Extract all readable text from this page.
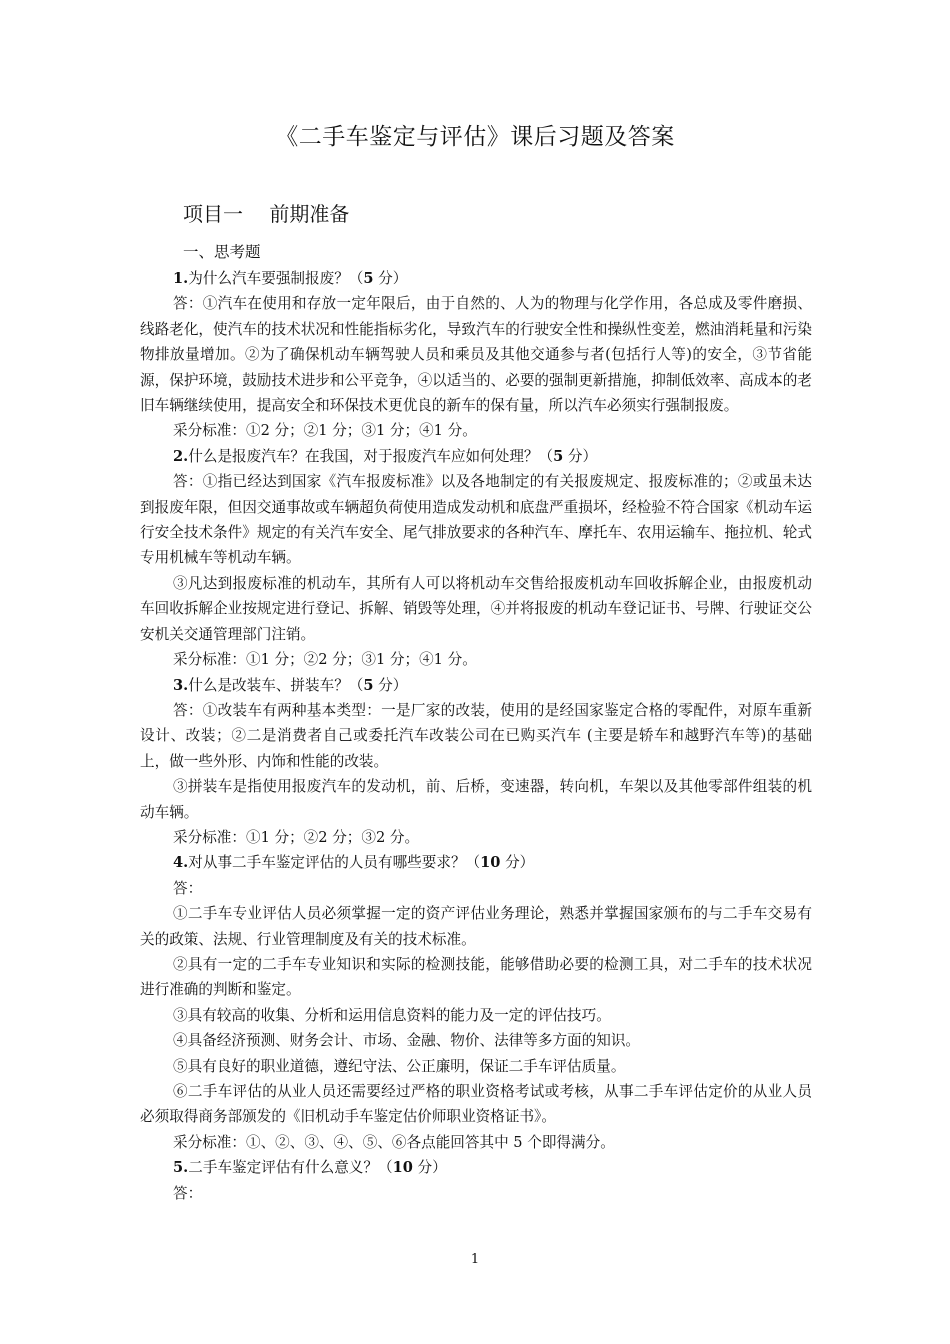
《二手车鉴定与评估》课后习题及答案
项目一　 前期准备
一、思考题

1.为什么汽车要强制报废？（5 分）

答：①汽车在使用和存放一定年限后，由于自然的、人为的物理与化学作用，各总成及零件磨损、线路老化，使汽车的技术状况和性能指标劣化，导致汽车的行驶安全性和操纵性变差，燃油消耗量和污染物排放量增加。②为了确保机动车辆驾驶人员和乘员及其他交通参与者(包括行人等)的安全，③节省能源，保护环境，鼓励技术进步和公平竞争，④以适当的、必要的强制更新措施，抑制低效率、高成本的老旧车辆继续使用，提高安全和环保技术更优良的新车的保有量，所以汽车必须实行强制报废。

采分标准：①2 分；②1 分；③1 分；④1 分。

2.什么是报废汽车？在我国，对于报废汽车应如何处理？（5 分）

答：①指已经达到国家《汽车报废标准》以及各地制定的有关报废规定、报废标准的；②或虽未达到报废年限，但因交通事故或车辆超负荷使用造成发动机和底盘严重损坏，经检验不符合国家《机动车运行安全技术条件》规定的有关汽车安全、尾气排放要求的各种汽车、摩托车、农用运输车、拖拉机、轮式专用机械车等机动车辆。

③凡达到报废标准的机动车，其所有人可以将机动车交售给报废机动车回收拆解企业，由报废机动车回收拆解企业按规定进行登记、拆解、销毁等处理，④并将报废的机动车登记证书、号牌、行驶证交公安机关交通管理部门注销。

采分标准：①1 分；②2 分；③1 分；④1 分。

3.什么是改装车、拼装车？（5 分）

答：①改装车有两种基本类型：一是厂家的改装，使用的是经国家鉴定合格的零配件，对原车重新设计、改装；②二是消费者自己或委托汽车改装公司在已购买汽车 (主要是轿车和越野汽车等)的基础上，做一些外形、内饰和性能的改装。

③拼装车是指使用报废汽车的发动机，前、后桥，变速器，转向机，车架以及其他零部件组装的机动车辆。

采分标准：①1 分；②2 分；③2 分。

4.对从事二手车鉴定评估的人员有哪些要求？（10 分）

答：

①二手车专业评估人员必须掌握一定的资产评估业务理论，熟悉并掌握国家颁布的与二手车交易有关的政策、法规、行业管理制度及有关的技术标准。

②具有一定的二手车专业知识和实际的检测技能，能够借助必要的检测工具，对二手车的技术状况进行准确的判断和鉴定。

③具有较高的收集、分析和运用信息资料的能力及一定的评估技巧。

④具备经济预测、财务会计、市场、金融、物价、法律等多方面的知识。

⑤具有良好的职业道德，遵纪守法、公正廉明，保证二手车评估质量。

⑥二手车评估的从业人员还需要经过严格的职业资格考试或考核，从事二手车评估定价的从业人员必须取得商务部颁发的《旧机动手车鉴定估价师职业资格证书》。

采分标准：①、②、③、④、⑤、⑥各点能回答其中 5 个即得满分。

5.二手车鉴定评估有什么意义？（10 分）

答：

1
